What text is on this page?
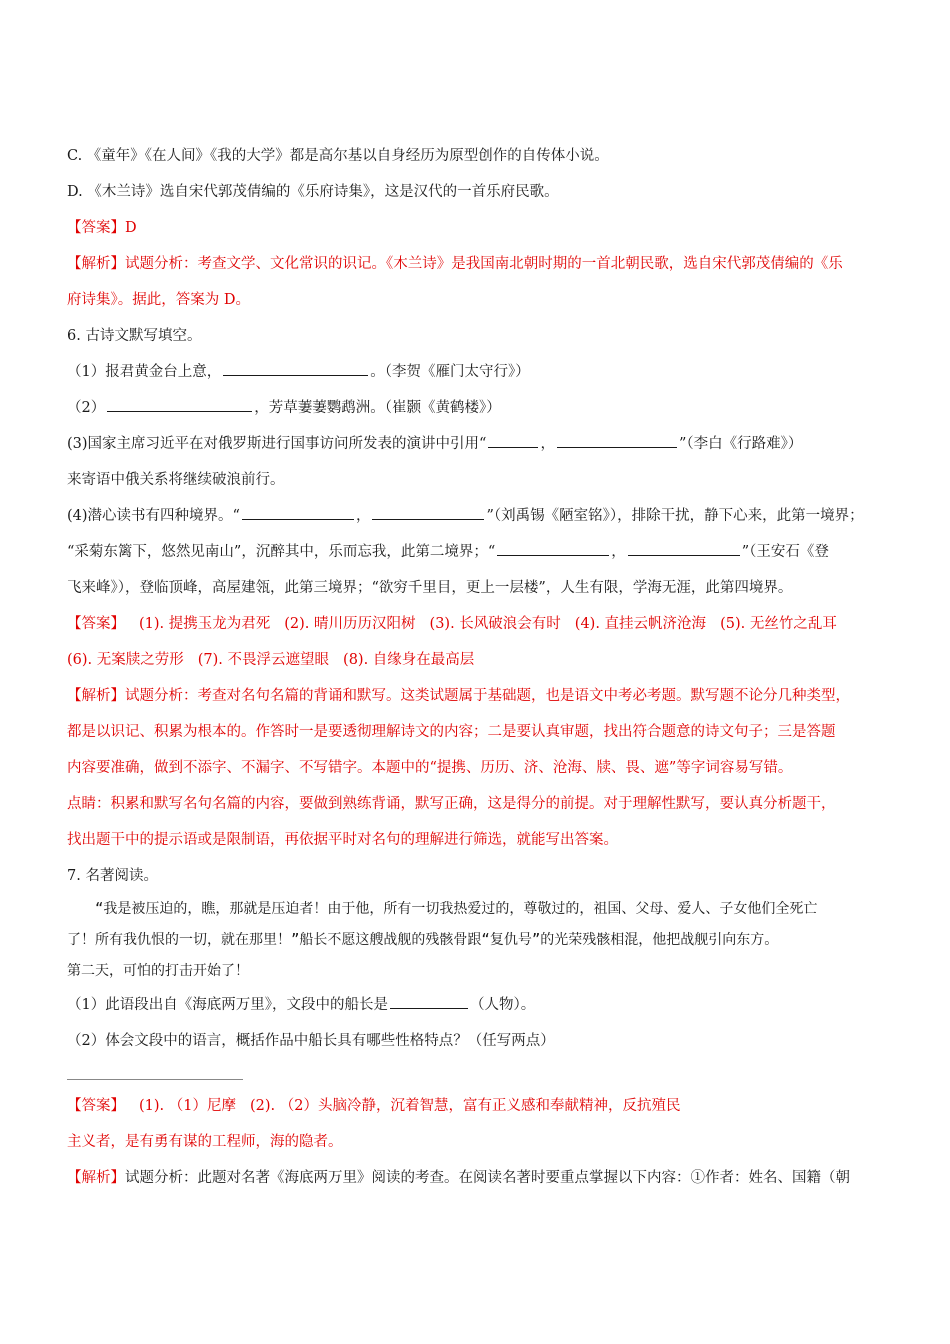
C. 《童年》《在人间》《我的大学》都是高尔基以自身经历为原型创作的自传体小说。

D. 《木兰诗》选自宋代郭茂倩编的《乐府诗集》，这是汉代的一首乐府民歌。

【答案】D

【解析】试题分析：考查文学、文化常识的识记。《木兰诗》是我国南北朝时期的一首北朝民歌，选自宋代郭茂倩编的《乐

府诗集》。据此，答案为 D。

6. 古诗文默写填空。

（1）报君黄金台上意，	。（李贺《雁门太守行》）

（2）	，芳草萋萋鹦鹉洲。（崔颢《黄鹤楼》）

(3)国家主席习近平在对俄罗斯进行国事访问所发表的演讲中引用“	，	”（李白《行路难》）

来寄语中俄关系将继续破浪前行。

(4)潜心读书有四种境界。“	，	”（刘禹锡《陋室铭》），排除干扰，静下心来，此第一境界；

“采菊东篱下，悠然见南山”，沉醉其中，乐而忘我，此第二境界；“	，	”（王安石《登

飞来峰》），登临顶峰，高屋建瓴，此第三境界；“欲穷千里目，更上一层楼”，人生有限，学海无涯，此第四境界。

【答案】 (1). 提携玉龙为君死 (2). 晴川历历汉阳树 (3). 长风破浪会有时 (4). 直挂云帆济沧海 (5). 无丝竹之乱耳

(6). 无案牍之劳形 (7). 不畏浮云遮望眼 (8). 自缘身在最高层

【解析】试题分析：考查对名句名篇的背诵和默写。这类试题属于基础题，也是语文中考必考题。默写题不论分几种类型，

都是以识记、积累为根本的。作答时一是要透彻理解诗文的内容；二是要认真审题，找出符合题意的诗文句子；三是答题

内容要准确，做到不添字、不漏字、不写错字。本题中的“提携、历历、济、沧海、牍、畏、遮”等字词容易写错。

点睛：积累和默写名句名篇的内容，要做到熟练背诵，默写正确，这是得分的前提。对于理解性默写，要认真分析题干，

找出题干中的提示语或是限制语，再依据平时对名句的理解进行筛选，就能写出答案。

7. 名著阅读。

“我是被压迫的，瞧，那就是压迫者！由于他，所有一切我热爱过的，尊敬过的，祖国、父母、爱人、子女他们全死亡

了！所有我仇恨的一切，就在那里！”船长不愿这艘战舰的残骸骨跟“复仇号”的光荣残骸相混，他把战舰引向东方。

第二天，可怕的打击开始了！

（1）此语段出自《海底两万里》，文段中的船长是	（人物）。

（2）体会文段中的语言，概括作品中船长具有哪些性格特点？（任写两点）

【答案】 (1). （1）尼摩 (2). （2）头脑冷静，沉着智慧，富有正义感和奉献精神，反抗殖民

主义者，是有勇有谋的工程师，海的隐者。

【解析】试题分析：此题对名著《海底两万里》阅读的考查。在阅读名著时要重点掌握以下内容：①作者：姓名、国籍（朝
